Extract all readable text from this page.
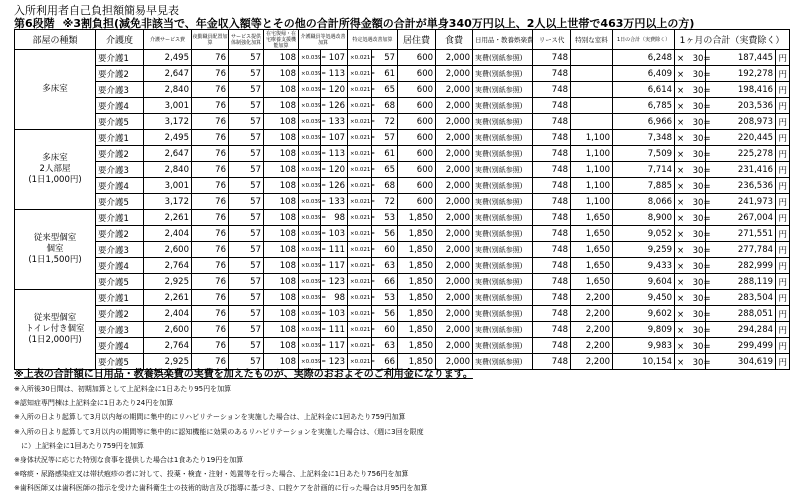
入所利用者自己負担額簡易早見表
第6段階 ※3割負担(減免非該当で、年金収入額等とその他の合計所得金額の合計が単身340万円以上、2人以上世帯で463万円以上の方)
部屋の種類	介護度	介護サービス費	夜勤職員配置加算	サービス提供体制強化加算	在宅復帰・在宅療養支援機能加算	介護職員等処遇改善加算		特定処遇改善加算		居住費	食費	日用品・教養娯楽費	リース代	特別な室料	1日の合計（実費除く）	1ヶ月の合計（実費除く）		

多床室	要介護1	2,495	76	57	108	×0.039=	107	×0.021=	57	600	2,000	実費(別紙参照)	748		6,248	×　30=	187,445	円
	要介護2	2,647	76	57	108	×0.039=	113	×0.021=	61	600	2,000	実費(別紙参照)	748		6,409	×　30=	192,278	円
	要介護3	2,840	76	57	108	×0.039=	120	×0.021=	65	600	2,000	実費(別紙参照)	748		6,614	×　30=	198,416	円
	要介護4	3,001	76	57	108	×0.039=	126	×0.021=	68	600	2,000	実費(別紙参照)	748		6,785	×　30=	203,536	円
	要介護5	3,172	76	57	108	×0.039=	133	×0.021=	72	600	2,000	実費(別紙参照)	748		6,966	×　30=	208,973	円

多床室
2人部屋
(1日1,000円)	要介護1	2,495	76	57	108	×0.039=	107	×0.021=	57	600	2,000	実費(別紙参照)	748	1,100	7,348	×　30=	220,445	円
	要介護2	2,647	76	57	108	×0.039=	113	×0.021=	61	600	2,000	実費(別紙参照)	748	1,100	7,509	×　30=	225,278	円
	要介護3	2,840	76	57	108	×0.039=	120	×0.021=	65	600	2,000	実費(別紙参照)	748	1,100	7,714	×　30=	231,416	円
	要介護4	3,001	76	57	108	×0.039=	126	×0.021=	68	600	2,000	実費(別紙参照)	748	1,100	7,885	×　30=	236,536	円
	要介護5	3,172	76	57	108	×0.039=	133	×0.021=	72	600	2,000	実費(別紙参照)	748	1,100	8,066	×　30=	241,973	円

従来型個室
個室
(1日1,500円)	要介護1	2,261	76	57	108	×0.039=	98	×0.021=	53	1,850	2,000	実費(別紙参照)	748	1,650	8,900	×　30=	267,004	円
	要介護2	2,404	76	57	108	×0.039=	103	×0.021=	56	1,850	2,000	実費(別紙参照)	748	1,650	9,052	×　30=	271,551	円
	要介護3	2,600	76	57	108	×0.039=	111	×0.021=	60	1,850	2,000	実費(別紙参照)	748	1,650	9,259	×　30=	277,784	円
	要介護4	2,764	76	57	108	×0.039=	117	×0.021=	63	1,850	2,000	実費(別紙参照)	748	1,650	9,433	×　30=	282,999	円
	要介護5	2,925	76	57	108	×0.039=	123	×0.021=	66	1,850	2,000	実費(別紙参照)	748	1,650	9,604	×　30=	288,119	円

従来型個室
トイレ付き個室
(1日2,000円)	要介護1	2,261	76	57	108	×0.039=	98	×0.021=	53	1,850	2,000	実費(別紙参照)	748	2,200	9,450	×　30=	283,504	円
	要介護2	2,404	76	57	108	×0.039=	103	×0.021=	56	1,850	2,000	実費(別紙参照)	748	2,200	9,602	×　30=	288,051	円
	要介護3	2,600	76	57	108	×0.039=	111	×0.021=	60	1,850	2,000	実費(別紙参照)	748	2,200	9,809	×　30=	294,284	円
	要介護4	2,764	76	57	108	×0.039=	117	×0.021=	63	1,850	2,000	実費(別紙参照)	748	2,200	9,983	×　30=	299,499	円
	要介護5	2,925	76	57	108	×0.039=	123	×0.021=	66	1,850	2,000	実費(別紙参照)	748	2,200	10,154	×　30=	304,619	円
※上表の合計額に日用品・教養娯楽費の実費を加えたものが、実際のおおよそのご利用金になります。
※入所後30日間は、初期加算として上記料金に1日あたり95円を加算
※認知症専門棟は上記料金に1日あたり24円を加算
※入所の日より起算して3月以内毎の期間に集中的にリハビリテーションを実施した場合は、上記料金に1回あたり759円加算
※入所の日より起算して3月以内の期間等に集中的に認知機能に効果のあるリハビリテーションを実施した場合は、（週に3回を限度
　に）上記料金に1回あたり759円を加算
※身体状況等に応じた特別な食事を提供した場合は1食あたり19円を加算
※喀痰・尿路感染症又は帯状疱疹の者に対して、投薬・検査・注射・処置等を行った場合、上記料金に1日あたり756円を加算
※歯科医師又は歯科医師の指示を受けた歯科衛生士の技術的助言及び指導に基づき、口腔ケアを計画的に行った場合は月95円を加算
